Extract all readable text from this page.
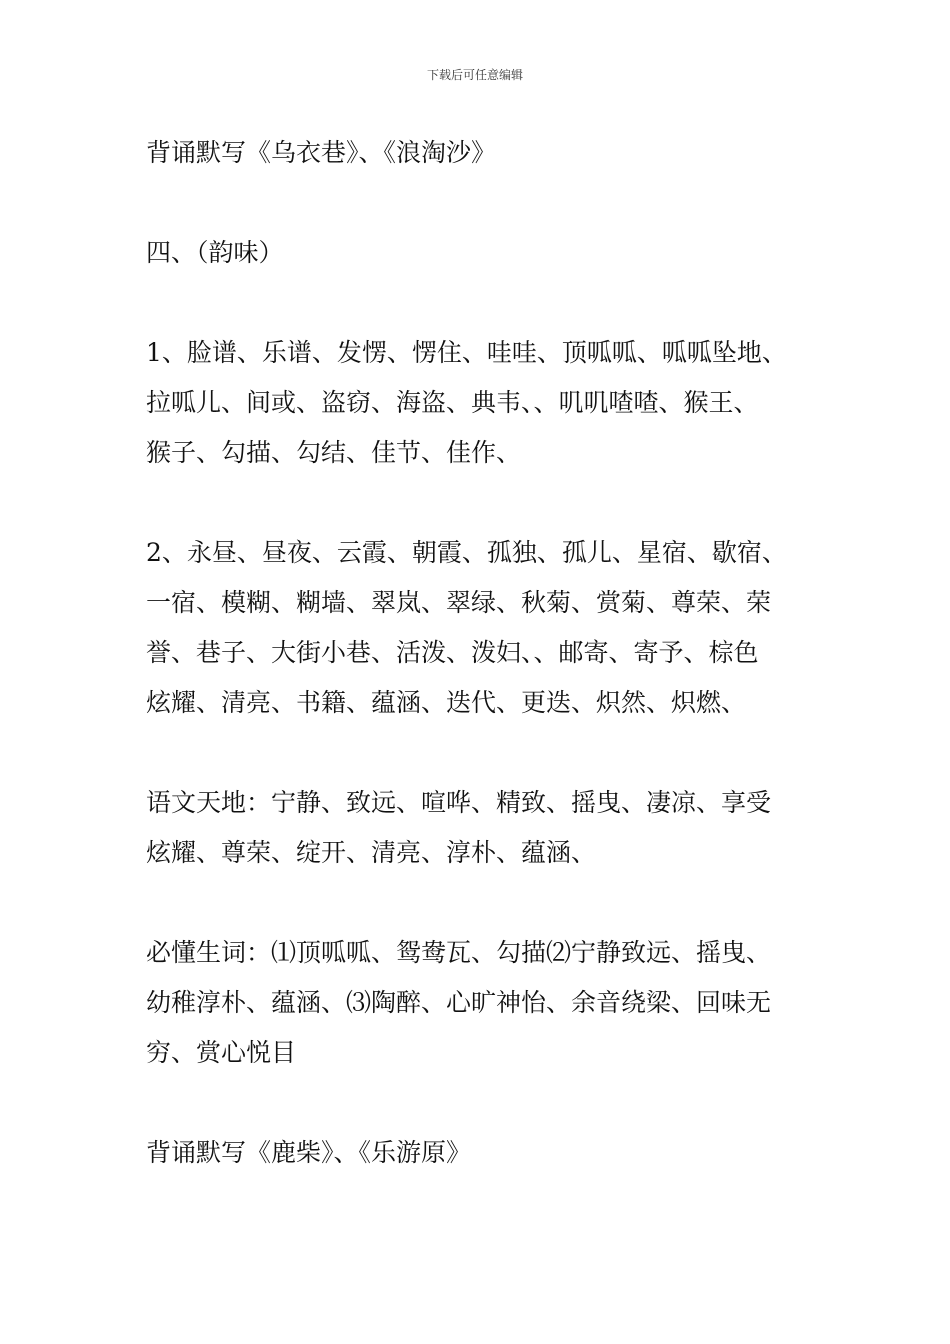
下载后可任意编辑
背诵默写《乌衣巷》、《浪淘沙》
四、（韵味）
1、脸谱、乐谱、发愣、愣住、哇哇、顶呱呱、呱呱坠地、
拉呱儿、间或、盗窃、海盗、典韦、、叽叽喳喳、猴王、
猴子、勾描、勾结、佳节、佳作、
2、永昼、昼夜、云霞、朝霞、孤独、孤儿、星宿、歇宿、
一宿、模糊、糊墙、翠岚、翠绿、秋菊、赏菊、尊荣、荣
誉、巷子、大街小巷、活泼、泼妇、、邮寄、寄予、棕色
炫耀、清亮、书籍、蕴涵、迭代、更迭、炽然、炽燃、
语文天地：宁静、致远、喧哗、精致、摇曳、凄凉、享受
炫耀、尊荣、绽开、清亮、淳朴、蕴涵、
必懂生词：⑴顶呱呱、鸳鸯瓦、勾描⑵宁静致远、摇曳、
幼稚淳朴、蕴涵、⑶陶醉、心旷神怡、余音绕梁、回味无
穷、赏心悦目
背诵默写《鹿柴》、《乐游原》
